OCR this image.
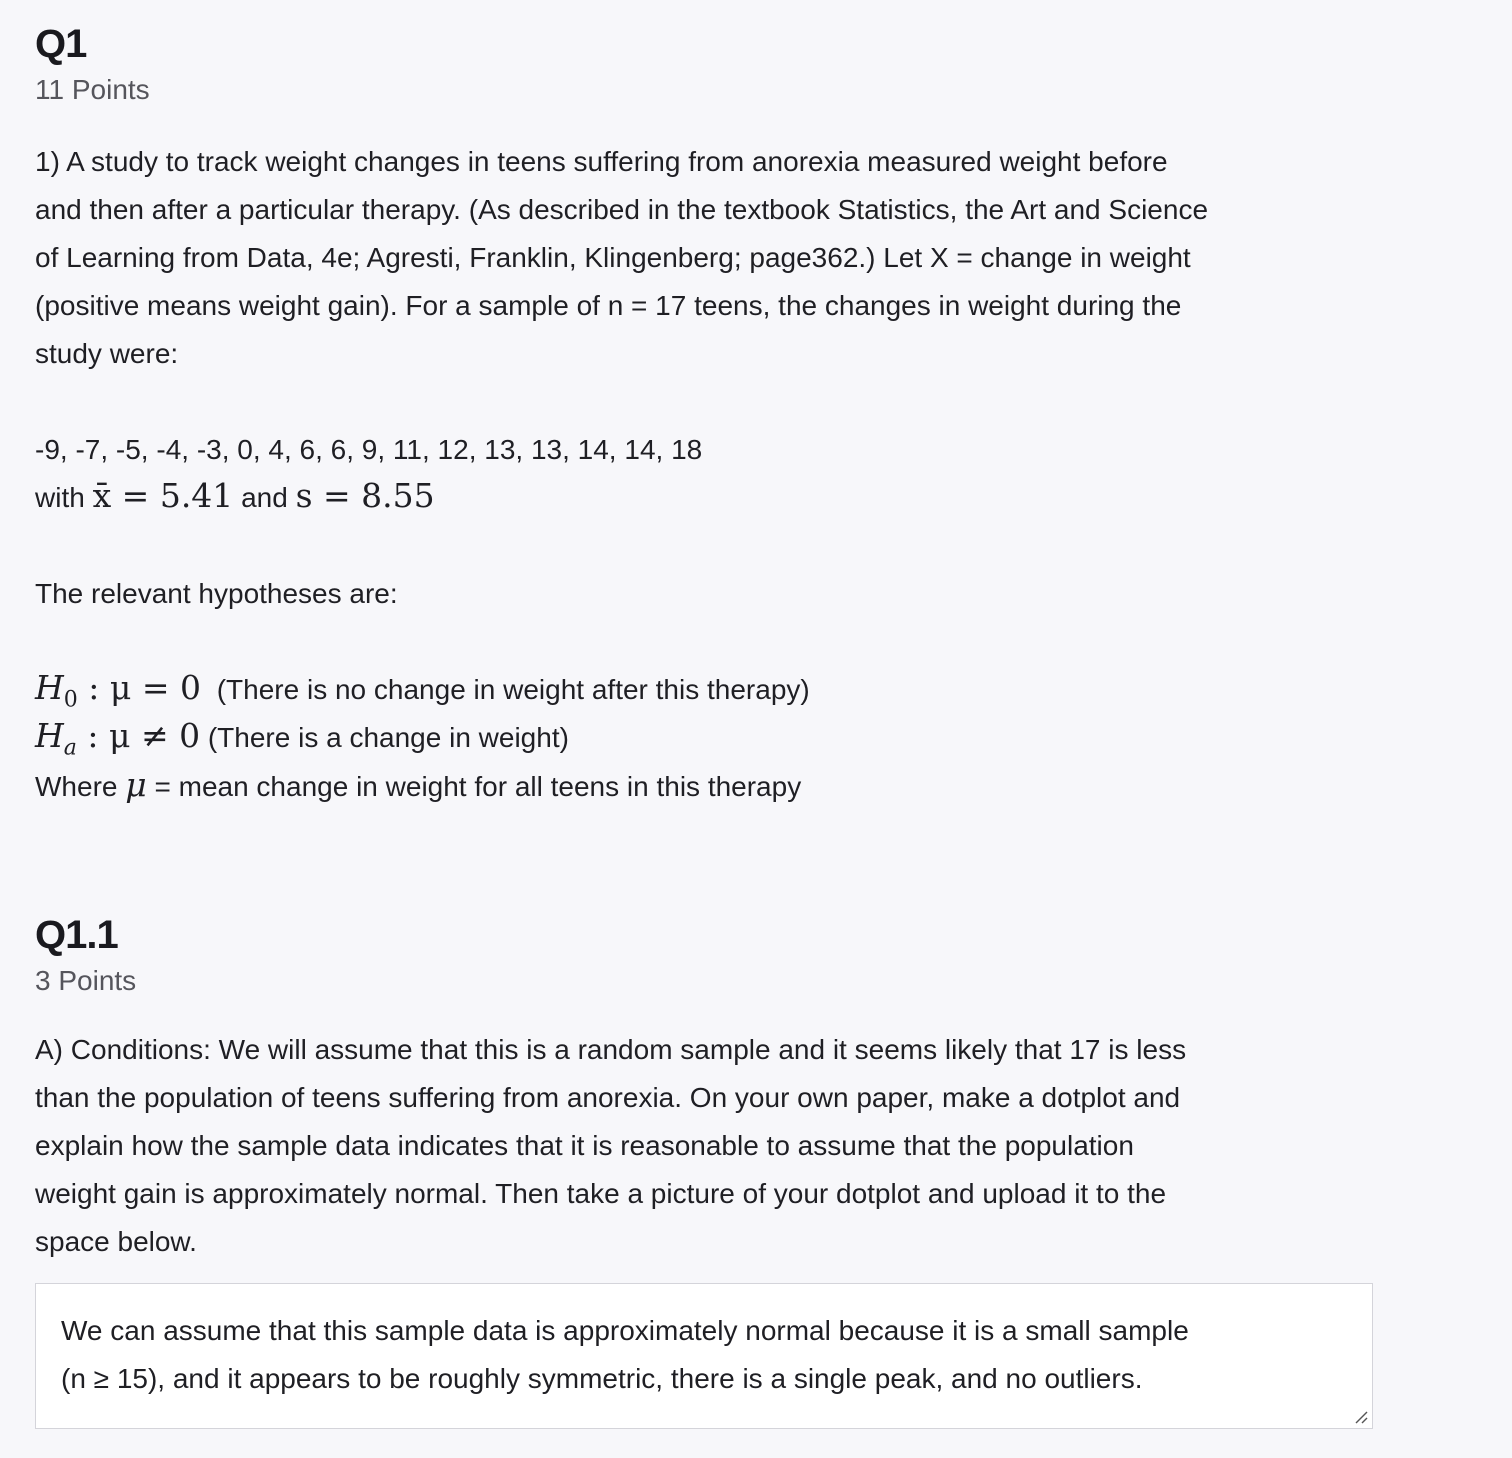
Q1
11 Points
1) A study to track weight changes in teens suffering from anorexia measured weight before
and then after a particular therapy. (As described in the textbook Statistics, the Art and Science
of Learning from Data, 4e; Agresti, Franklin, Klingenberg; page362.) Let X = change in weight
(positive means weight gain). For a sample of n = 17 teens, the changes in weight during the
study were:
-9, -7, -5, -4, -3, 0, 4, 6, 6, 9, 11, 12, 13, 13, 14, 14, 18
with x̄ = 5.41 and s = 8.55
The relevant hypotheses are:
$H_0$ : μ = 0 (There is no change in weight after this therapy)
$H_a$ : μ ≠ 0 (There is a change in weight)
Where μ = mean change in weight for all teens in this therapy
Q1.1
3 Points
A) Conditions: We will assume that this is a random sample and it seems likely that 17 is less
than the population of teens suffering from anorexia. On your own paper, make a dotplot and
explain how the sample data indicates that it is reasonable to assume that the population
weight gain is approximately normal. Then take a picture of your dotplot and upload it to the
space below.
We can assume that this sample data is approximately normal because it is a small sample
(n ≥ 15), and it appears to be roughly symmetric, there is a single peak, and no outliers.
